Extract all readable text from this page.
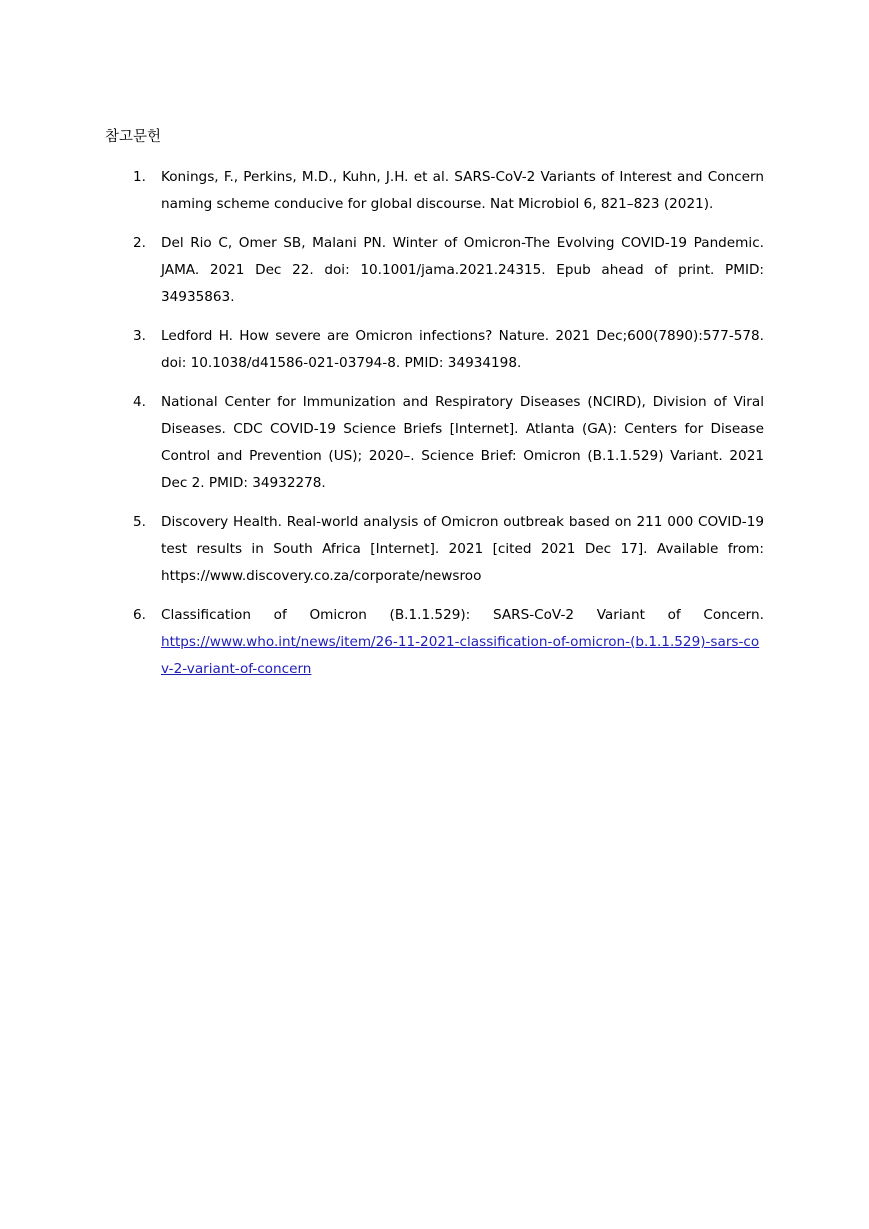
참고문헌
1. Konings, F., Perkins, M.D., Kuhn, J.H. et al. SARS-CoV-2 Variants of Interest and Concern naming scheme conducive for global discourse. Nat Microbiol 6, 821–823 (2021).
2. Del Rio C, Omer SB, Malani PN. Winter of Omicron-The Evolving COVID-19 Pandemic. JAMA. 2021 Dec 22. doi: 10.1001/jama.2021.24315. Epub ahead of print. PMID: 34935863.
3. Ledford H. How severe are Omicron infections? Nature. 2021 Dec;600(7890):577-578. doi: 10.1038/d41586-021-03794-8. PMID: 34934198.
4. National Center for Immunization and Respiratory Diseases (NCIRD), Division of Viral Diseases. CDC COVID-19 Science Briefs [Internet]. Atlanta (GA): Centers for Disease Control and Prevention (US); 2020–. Science Brief: Omicron (B.1.1.529) Variant. 2021 Dec 2. PMID: 34932278.
5. Discovery Health. Real-world analysis of Omicron outbreak based on 211 000 COVID-19 test results in South Africa [Internet]. 2021 [cited 2021 Dec 17]. Available from: https://www.discovery.co.za/corporate/newsroo
6. Classification of Omicron (B.1.1.529): SARS-CoV-2 Variant of Concern.
https://www.who.int/news/item/26-11-2021-classification-of-omicron-(b.1.1.529)-sars-cov-2-variant-of-concern
